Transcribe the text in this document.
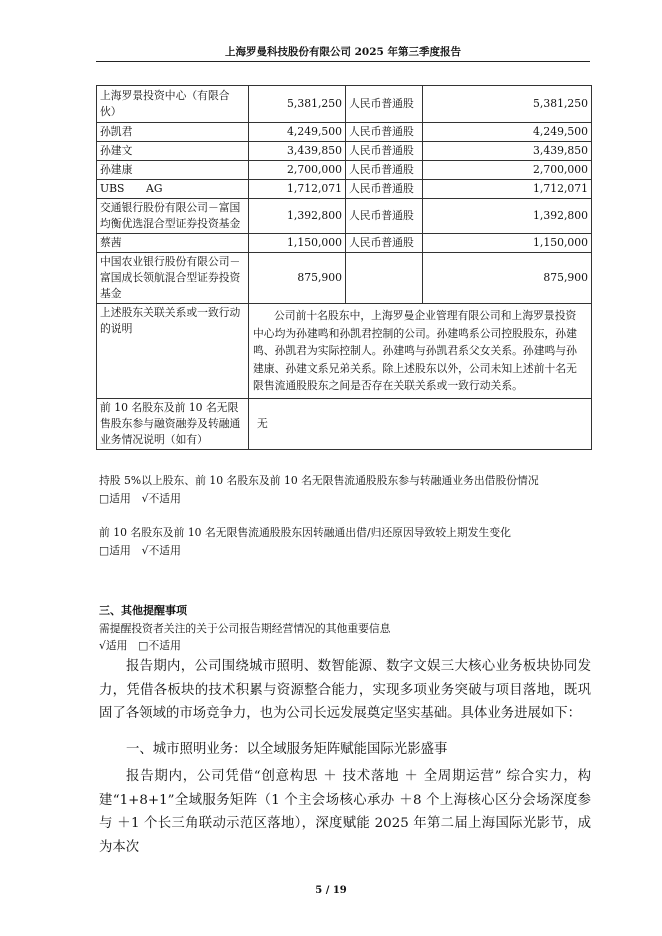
上海罗曼科技股份有限公司 2025 年第三季度报告
上海罗景投资中心（有限合伙）	5,381,250	人民币普通股	5,381,250
孙凯君	4,249,500	人民币普通股	4,249,500
孙建文	3,439,850	人民币普通股	3,439,850
孙建康	2,700,000	人民币普通股	2,700,000
UBS　　AG	1,712,071	人民币普通股	1,712,071
交通银行股份有限公司－富国均衡优选混合型证券投资基金	1,392,800	人民币普通股	1,392,800
蔡茜	1,150,000	人民币普通股	1,150,000
中国农业银行股份有限公司－富国成长领航混合型证券投资基金	875,900		875,900
上述股东关联关系或一致行动的说明	公司前十名股东中，上海罗曼企业管理有限公司和上海罗景投资中心均为孙建鸣和孙凯君控制的公司。孙建鸣系公司控股股东，孙建鸣、孙凯君为实际控制人。孙建鸣与孙凯君系父女关系。孙建鸣与孙建康、孙建文系兄弟关系。除上述股东以外，公司未知上述前十名无限售流通股股东之间是否存在关联关系或一致行动关系。		
前 10 名股东及前 10 名无限售股东参与融资融券及转融通业务情况说明（如有）	无		
持股 5%以上股东、前 10 名股东及前 10 名无限售流通股股东参与转融通业务出借股份情况
□适用　√不适用
前 10 名股东及前 10 名无限售流通股股东因转融通出借/归还原因导致较上期发生变化
□适用　√不适用
三、其他提醒事项
需提醒投资者关注的关于公司报告期经营情况的其他重要信息
√适用　□不适用
报告期内，公司围绕城市照明、数智能源、数字文娱三大核心业务板块协同发力，凭借各板块的技术积累与资源整合能力，实现多项业务突破与项目落地，既巩固了各领域的市场竞争力，也为公司长远发展奠定坚实基础。具体业务进展如下：
一、城市照明业务：以全域服务矩阵赋能国际光影盛事
报告期内，公司凭借“创意构思 ＋ 技术落地 ＋ 全周期运营” 综合实力，构建“1+8+1”全域服务矩阵（1 个主会场核心承办 ＋8 个上海核心区分会场深度参与 ＋1 个长三角联动示范区落地），深度赋能 2025 年第二届上海国际光影节，成为本次
5 / 19
